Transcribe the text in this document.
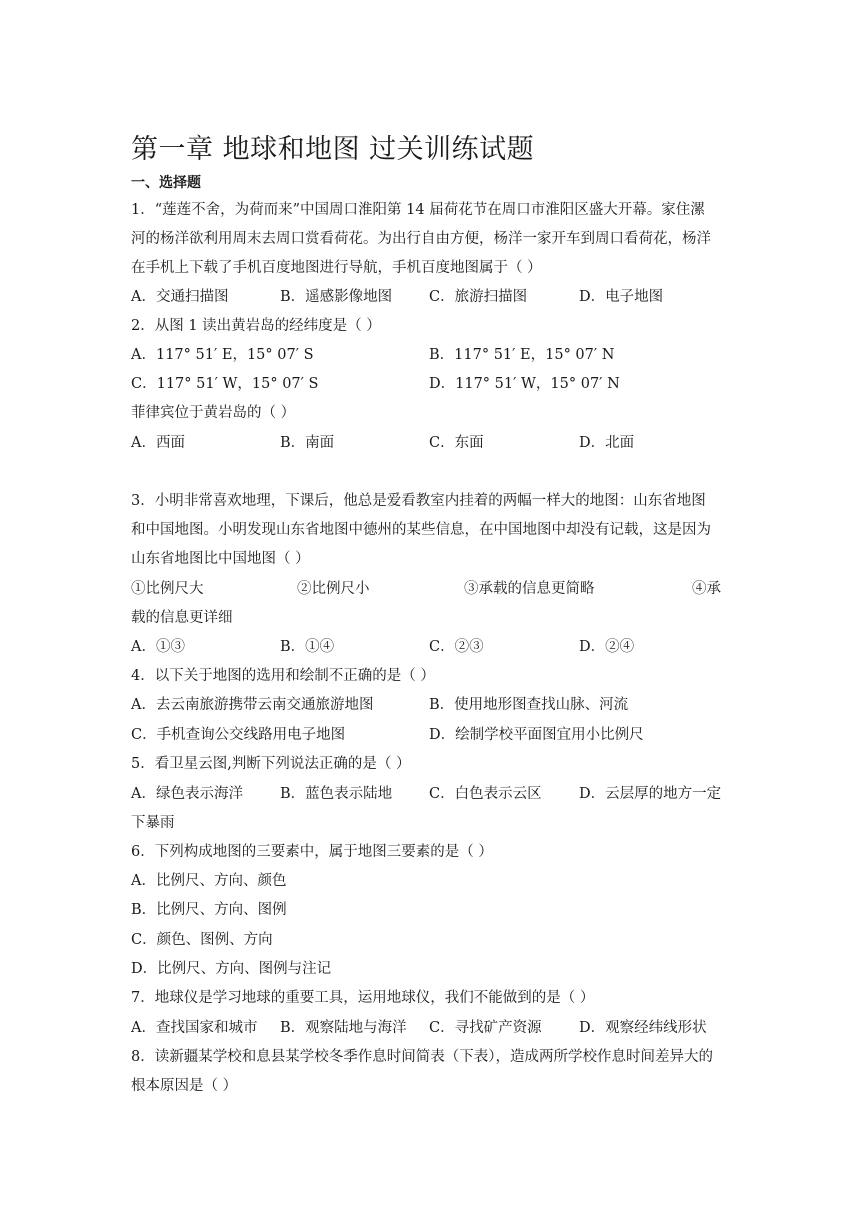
第一章 地球和地图 过关训练试题
一、选择题
1．“莲莲不舍，为荷而来”中国周口淮阳第 14 届荷花节在周口市淮阳区盛大开幕。家住漯
河的杨洋欲利用周末去周口赏看荷花。为出行自由方便，杨洋一家开车到周口看荷花，杨洋
在手机上下载了手机百度地图进行导航，手机百度地图属于（ ）
A．交通扫描图	B．遥感影像地图	C．旅游扫描图	D．电子地图
2．从图 1 读出黄岩岛的经纬度是（ ）
A．117° 51′ E，15° 07′ S	B．117° 51′ E，15° 07′ N
C．117° 51′ W，15° 07′ S	D．117° 51′ W，15° 07′ N
菲律宾位于黄岩岛的（ ）
A．西面	B．南面	C．东面	D．北面
3．小明非常喜欢地理，下课后，他总是爱看教室内挂着的两幅一样大的地图：山东省地图
和中国地图。小明发现山东省地图中德州的某些信息，在中国地图中却没有记载，这是因为
山东省地图比中国地图（ ）
①比例尺大	②比例尺小	③承载的信息更简略	④承
载的信息更详细
A．①③	B．①④	C．②③	D．②④
4．以下关于地图的选用和绘制不正确的是（ ）
A．去云南旅游携带云南交通旅游地图	B．使用地形图查找山脉、河流
C．手机查询公交线路用电子地图	D．绘制学校平面图宜用小比例尺
5．看卫星云图,判断下列说法正确的是（ ）
A．绿色表示海洋	B．蓝色表示陆地	C．白色表示云区	D．云层厚的地方一定
下暴雨
6．下列构成地图的三要素中，属于地图三要素的是（ ）
A．比例尺、方向、颜色
B．比例尺、方向、图例
C．颜色、图例、方向
D．比例尺、方向、图例与注记
7．地球仪是学习地球的重要工具，运用地球仪，我们不能做到的是（ ）
A．查找国家和城市 B．观察陆地与海洋 C．寻找矿产资源	D．观察经纬线形状
8．读新疆某学校和息县某学校冬季作息时间简表（下表），造成两所学校作息时间差异大的
根本原因是（ ）
